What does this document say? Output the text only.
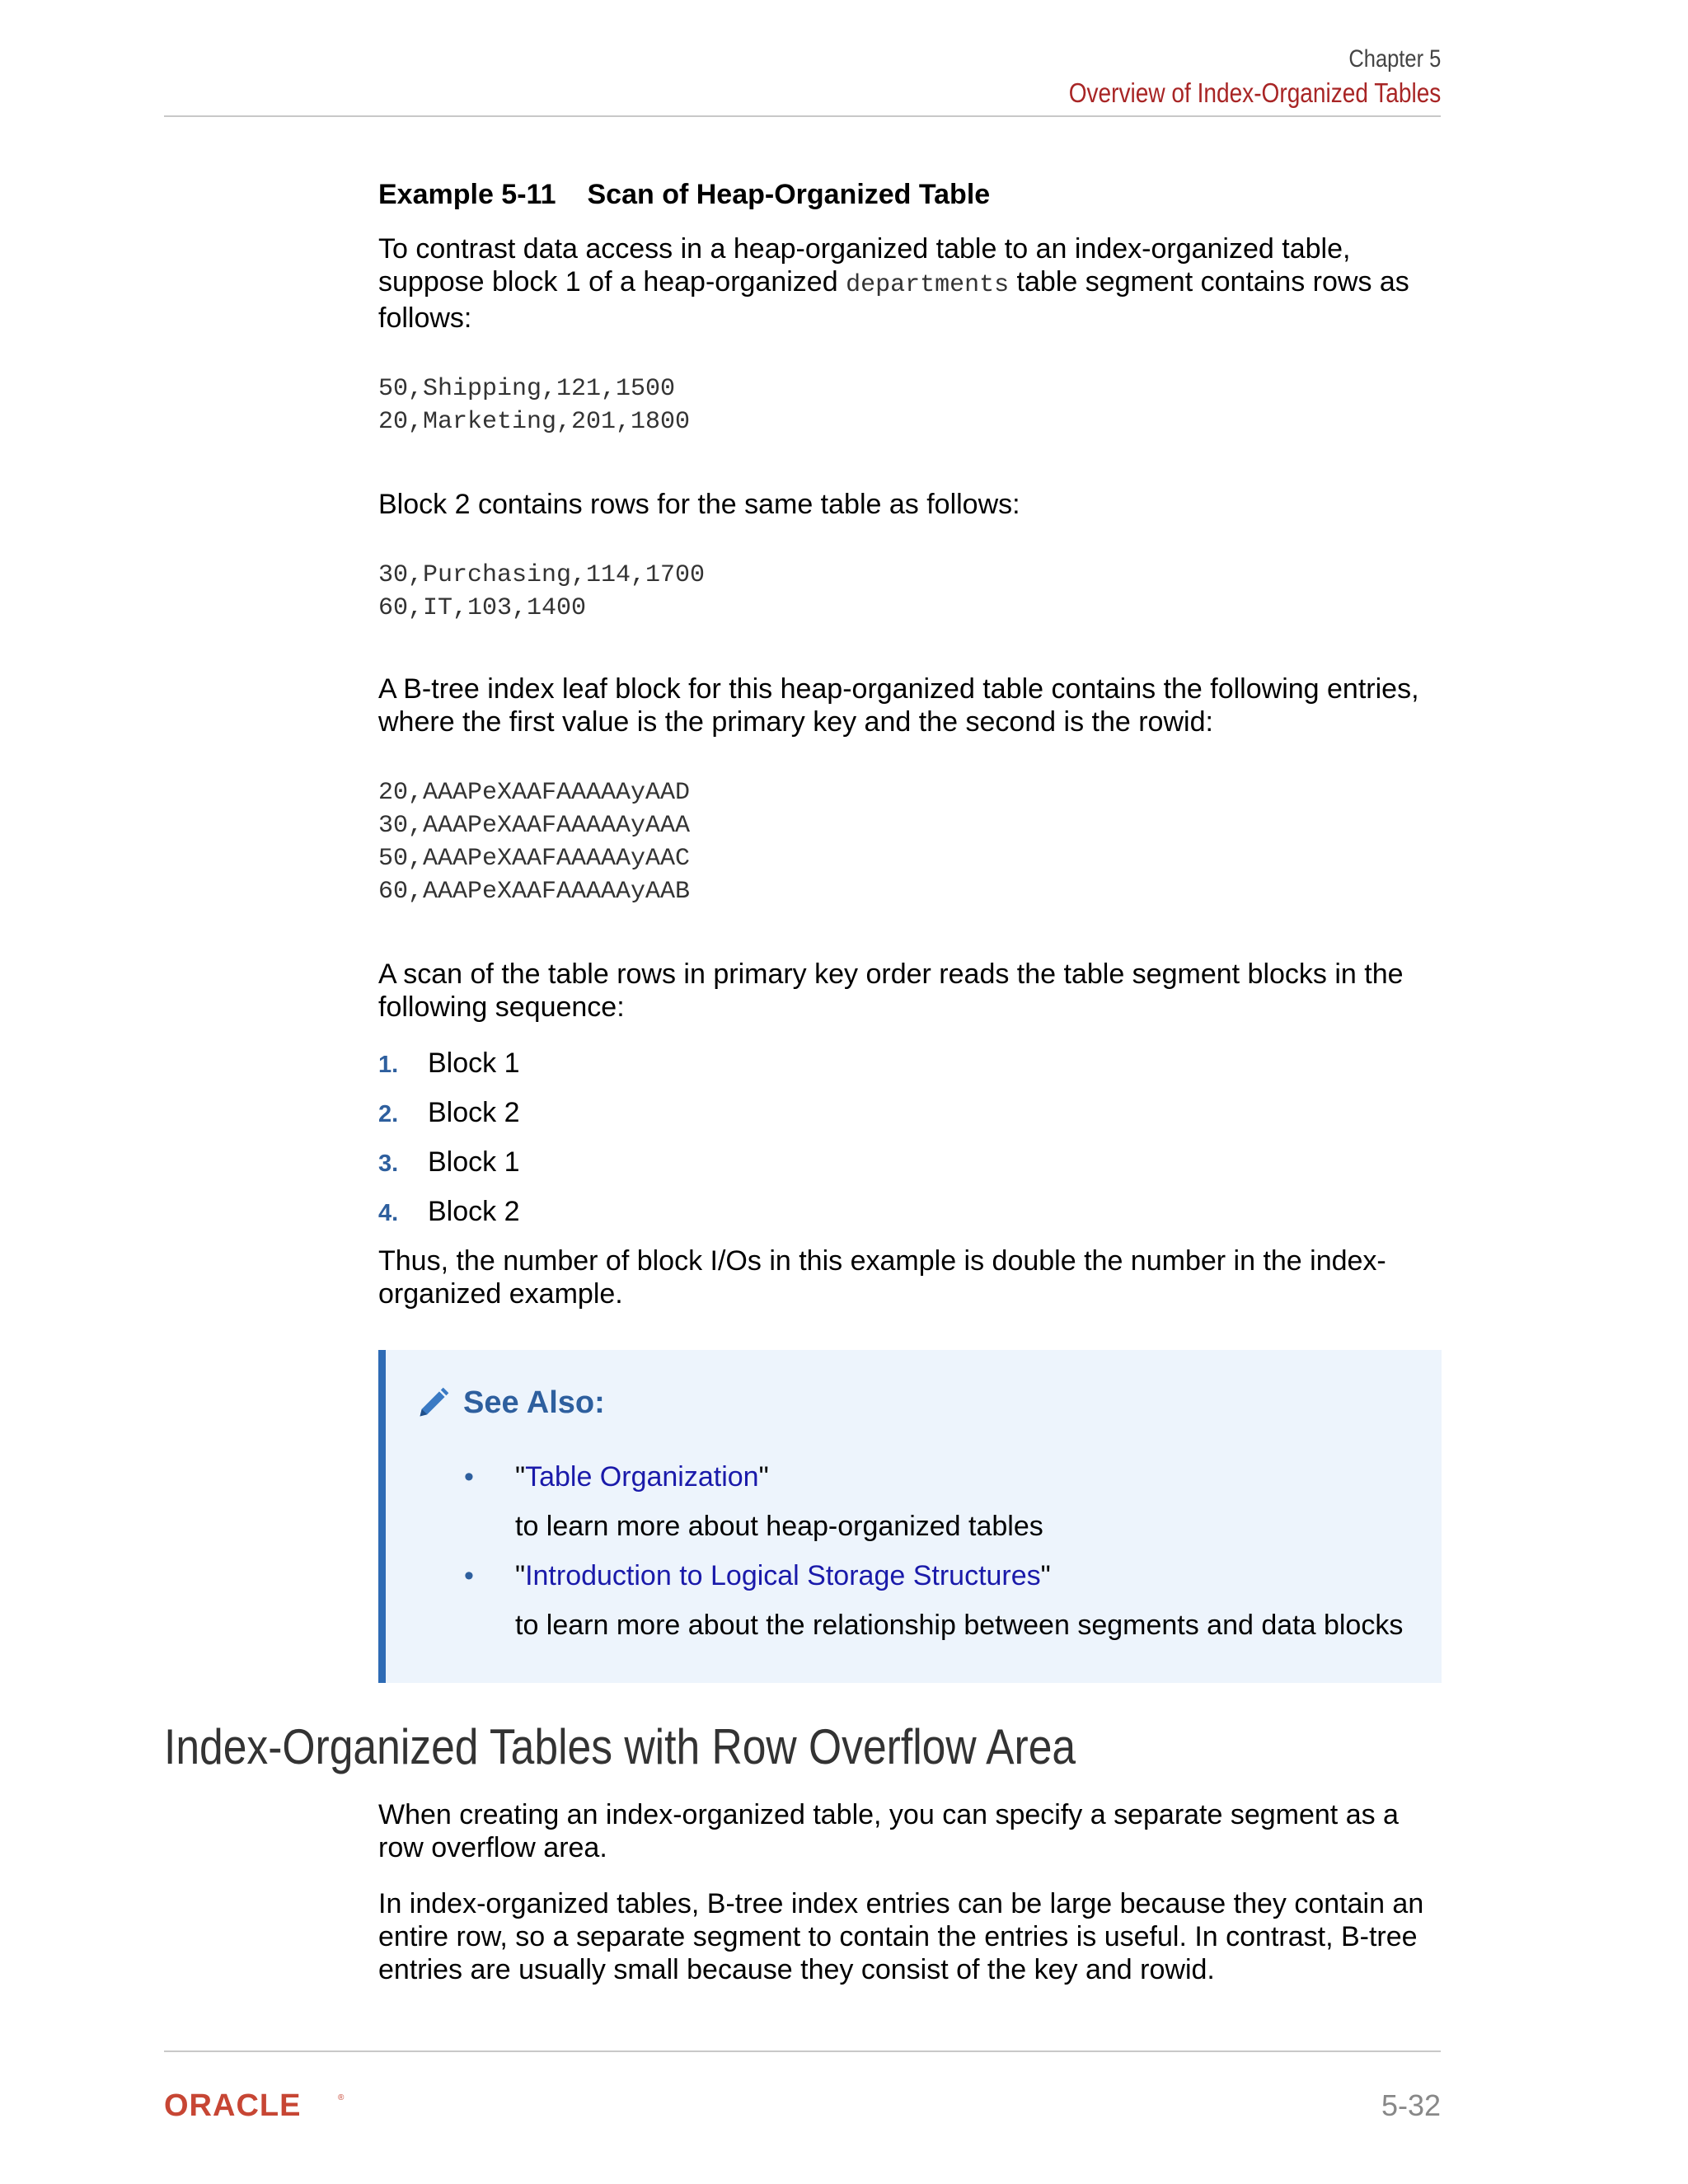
Chapter 5
Overview of Index-Organized Tables

Example 5-11 Scan of Heap-Organized Table

To contrast data access in a heap-organized table to an index-organized table, suppose block 1 of a heap-organized departments table segment contains rows as follows:

50,Shipping,121,1500
20,Marketing,201,1800

Block 2 contains rows for the same table as follows:

30,Purchasing,114,1700
60,IT,103,1400

A B-tree index leaf block for this heap-organized table contains the following entries, where the first value is the primary key and the second is the rowid:

20,AAAPeXAAFAAAAAyAAD
30,AAAPeXAAFAAAAAyAAA
50,AAAPeXAAFAAAAAyAAC
60,AAAPeXAAFAAAAAyAAB

A scan of the table rows in primary key order reads the table segment blocks in the following sequence:

1. Block 1
2. Block 2
3. Block 1
4. Block 2

Thus, the number of block I/Os in this example is double the number in the index-organized example.

See Also:
• "Table Organization"
to learn more about heap-organized tables
• "Introduction to Logical Storage Structures"
to learn more about the relationship between segments and data blocks
Index-Organized Tables with Row Overflow Area

When creating an index-organized table, you can specify a separate segment as a row overflow area.

In index-organized tables, B-tree index entries can be large because they contain an entire row, so a separate segment to contain the entries is useful. In contrast, B-tree entries are usually small because they consist of the key and rowid.

ORACLE	®	5-32
